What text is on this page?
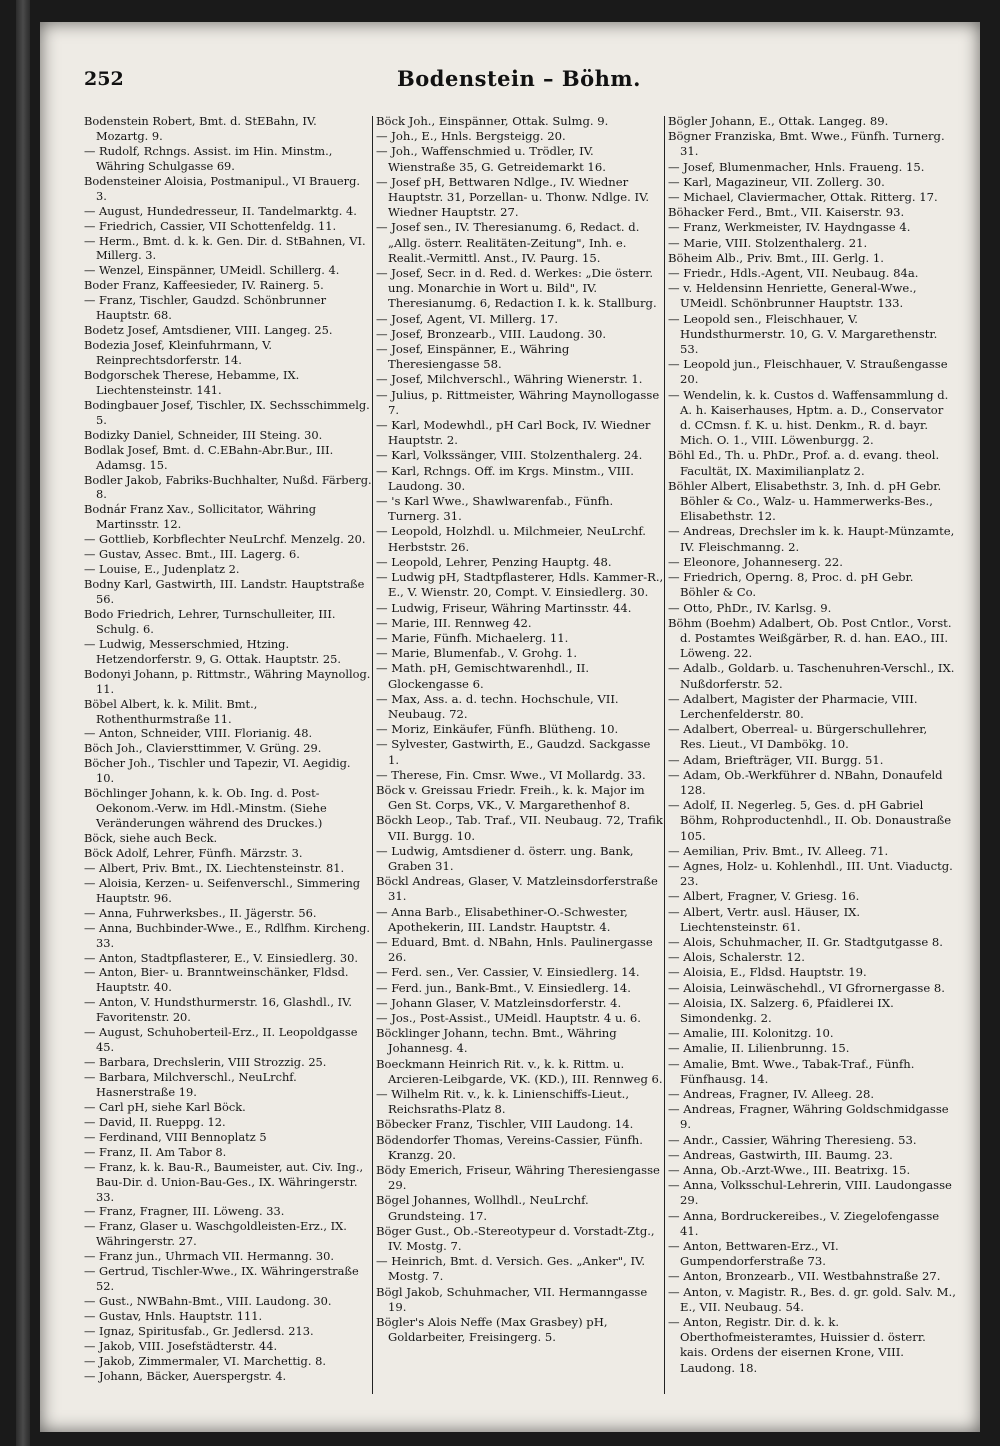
252	Bodenstein – Böhm.

Bodenstein Robert, Bmt. d. StEBahn, IV. Mozartg. 9.

— Rudolf, Rchngs. Assist. im Hin. Minstm., Währing Schulgasse 69.

Bodensteiner Aloisia, Postmanipul., VI Brauerg. 3.

— August, Hundedresseur, II. Tandelmarktg. 4.

— Friedrich, Cassier, VII Schottenfeldg. 11.

— Herm., Bmt. d. k. k. Gen. Dir. d. StBahnen, VI. Millerg. 3.

— Wenzel, Einspänner, UMeidl. Schillerg. 4.

Boder Franz, Kaffeesieder, IV. Rainerg. 5.

— Franz, Tischler, Gaudzd. Schönbrunner Hauptstr. 68.

Bodetz Josef, Amtsdiener, VIII. Langeg. 25.

Bodezia Josef, Kleinfuhrmann, V. Reinprechtsdorferstr. 14.

Bodgorschek Therese, Hebamme, IX. Liechtensteinstr. 141.

Bodingbauer Josef, Tischler, IX. Sechsschimmelg. 5.

Bodizky Daniel, Schneider, III Steing. 30.

Bodlak Josef, Bmt. d. C.EBahn-Abr.Bur., III. Adamsg. 15.

Bodler Jakob, Fabriks-Buchhalter, Nußd. Färberg. 8.

Bodnár Franz Xav., Sollicitator, Währing Martinsstr. 12.

— Gottlieb, Korbflechter NeuLrchf. Menzelg. 20.

— Gustav, Assec. Bmt., III. Lagerg. 6.

— Louise, E., Judenplatz 2.

Bodny Karl, Gastwirth, III. Landstr. Hauptstraße 56.

Bodo Friedrich, Lehrer, Turnschulleiter, III. Schulg. 6.

— Ludwig, Messerschmied, Htzing. Hetzendorferstr. 9, G. Ottak. Hauptstr. 25.

Bodonyi Johann, p. Rittmstr., Währing Maynollog. 11.

Böbel Albert, k. k. Milit. Bmt., Rothenthurmstraße 11.

— Anton, Schneider, VIII. Florianig. 48.

Böch Joh., Claviersttimmer, V. Grüng. 29.

Böcher Joh., Tischler und Tapezir, VI. Aegidig. 10.

Böchlinger Johann, k. k. Ob. Ing. d. Post-Oekonom.-Verw. im Hdl.-Minstm. (Siehe Veränderungen während des Druckes.)

Böck, siehe auch Beck.

Böck Adolf, Lehrer, Fünfh. Märzstr. 3.

— Albert, Priv. Bmt., IX. Liechtensteinstr. 81.

— Aloisia, Kerzen- u. Seifenverschl., Simmering Hauptstr. 96.

— Anna, Fuhrwerksbes., II. Jägerstr. 56.

— Anna, Buchbinder-Wwe., E., Rdlfhm. Kircheng. 33.

— Anton, Stadtpflasterer, E., V. Einsiedlerg. 30.

— Anton, Bier- u. Branntweinschänker, Fldsd. Hauptstr. 40.

— Anton, V. Hundsthurmerstr. 16, Glashdl., IV. Favoritenstr. 20.

— August, Schuhoberteil-Erz., II. Leopoldgasse 45.

— Barbara, Drechslerin, VIII Strozzig. 25.

— Barbara, Milchverschl., NeuLrchf. Hasnerstraße 19.

— Carl pH, siehe Karl Böck.

— David, II. Rueppg. 12.

— Ferdinand, VIII Bennoplatz 5

— Franz, II. Am Tabor 8.

— Franz, k. k. Bau-R., Baumeister, aut. Civ. Ing., Bau-Dir. d. Union-Bau-Ges., IX. Währingerstr. 33.

— Franz, Fragner, III. Löweng. 33.

— Franz, Glaser u. Waschgoldleisten-Erz., IX. Währingerstr. 27.

— Franz jun., Uhrmach VII. Hermanng. 30.

— Gertrud, Tischler-Wwe., IX. Währingerstraße 52.

— Gust., NWBahn-Bmt., VIII. Laudong. 30.

— Gustav, Hnls. Hauptstr. 111.

— Ignaz, Spiritusfab., Gr. Jedlersd. 213.

— Jakob, VIII. Josefstädterstr. 44.

— Jakob, Zimmermaler, VI. Marchettig. 8.

— Johann, Bäcker, Auerspergstr. 4.

Böck Joh., Einspänner, Ottak. Sulmg. 9.

— Joh., E., Hnls. Bergsteigg. 20.

— Joh., Waffenschmied u. Trödler, IV. Wienstraße 35, G. Getreidemarkt 16.

— Josef pH, Bettwaren Ndlge., IV. Wiedner Hauptstr. 31, Porzellan- u. Thonw. Ndlge. IV. Wiedner Hauptstr. 27.

— Josef sen., IV. Theresianumg. 6, Redact. d. „Allg. österr. Realitäten-Zeitung", Inh. e. Realit.-Vermittl. Anst., IV. Paurg. 15.

— Josef, Secr. in d. Red. d. Werkes: „Die österr. ung. Monarchie in Wort u. Bild", IV. Theresianumg. 6, Redaction I. k. k. Stallburg.

— Josef, Agent, VI. Millerg. 17.

— Josef, Bronzearb., VIII. Laudong. 30.

— Josef, Einspänner, E., Währing Theresiengasse 58.

— Josef, Milchverschl., Währing Wienerstr. 1.

— Julius, p. Rittmeister, Währing Maynollogasse 7.

— Karl, Modewhdl., pH Carl Bock, IV. Wiedner Hauptstr. 2.

— Karl, Volkssänger, VIII. Stolzenthalerg. 24.

— Karl, Rchngs. Off. im Krgs. Minstm., VIII. Laudong. 30.

— 's Karl Wwe., Shawlwarenfab., Fünfh. Turnerg. 31.

— Leopold, Holzhdl. u. Milchmeier, NeuLrchf. Herbststr. 26.

— Leopold, Lehrer, Penzing Hauptg. 48.

— Ludwig pH, Stadtpflasterer, Hdls. Kammer-R., E., V. Wienstr. 20, Compt. V. Einsiedlerg. 30.

— Ludwig, Friseur, Währing Martinsstr. 44.

— Marie, III. Rennweg 42.

— Marie, Fünfh. Michaelerg. 11.

— Marie, Blumenfab., V. Grohg. 1.

— Math. pH, Gemischtwarenhdl., II. Glockengasse 6.

— Max, Ass. a. d. techn. Hochschule, VII. Neubaug. 72.

— Moriz, Einkäufer, Fünfh. Blütheng. 10.

— Sylvester, Gastwirth, E., Gaudzd. Sackgasse 1.

— Therese, Fin. Cmsr. Wwe., VI Mollardg. 33.

Böck v. Greissau Friedr. Freih., k. k. Major im Gen St. Corps, VK., V. Margarethenhof 8.

Böckh Leop., Tab. Traf., VII. Neubaug. 72, Trafik VII. Burgg. 10.

— Ludwig, Amtsdiener d. österr. ung. Bank, Graben 31.

Böckl Andreas, Glaser, V. Matzleinsdorferstraße 31.

— Anna Barb., Elisabethiner-O.-Schwester, Apothekerin, III. Landstr. Hauptstr. 4.

— Eduard, Bmt. d. NBahn, Hnls. Paulinergasse 26.

— Ferd. sen., Ver. Cassier, V. Einsiedlerg. 14.

— Ferd. jun., Bank-Bmt., V. Einsiedlerg. 14.

— Johann Glaser, V. Matzleinsdorferstr. 4.

— Jos., Post-Assist., UMeidl. Hauptstr. 4 u. 6.

Böcklinger Johann, techn. Bmt., Währing Johannesg. 4.

Boeckmann Heinrich Rit. v., k. k. Rittm. u. Arcieren-Leibgarde, VK. (KD.), III. Rennweg 6.

— Wilhelm Rit. v., k. k. Linienschiffs-Lieut., Reichsraths-Platz 8.

Böbecker Franz, Tischler, VIII Laudong. 14.

Bödendorfer Thomas, Vereins-Cassier, Fünfh. Kranzg. 20.

Bödy Emerich, Friseur, Währing Theresiengasse 29.

Bögel Johannes, Wollhdl., NeuLrchf. Grundsteing. 17.

Böger Gust., Ob.-Stereotypeur d. Vorstadt-Ztg., IV. Mostg. 7.

— Heinrich, Bmt. d. Versich. Ges. „Anker", IV. Mostg. 7.

Bögl Jakob, Schuhmacher, VII. Hermanngasse 19.

Bögler's Alois Neffe (Max Grasbey) pH, Goldarbeiter, Freisingerg. 5.

Bögler Johann, E., Ottak. Langeg. 89.

Bögner Franziska, Bmt. Wwe., Fünfh. Turnerg. 31.

— Josef, Blumenmacher, Hnls. Fraueng. 15.

— Karl, Magazineur, VII. Zollerg. 30.

— Michael, Claviermacher, Ottak. Ritterg. 17.

Böhacker Ferd., Bmt., VII. Kaiserstr. 93.

— Franz, Werkmeister, IV. Haydngasse 4.

— Marie, VIII. Stolzenthalerg. 21.

Böheim Alb., Priv. Bmt., III. Gerlg. 1.

— Friedr., Hdls.-Agent, VII. Neubaug. 84a.

— v. Heldensinn Henriette, General-Wwe., UMeidl. Schönbrunner Hauptstr. 133.

— Leopold sen., Fleischhauer, V. Hundsthurmerstr. 10, G. V. Margarethenstr. 53.

— Leopold jun., Fleischhauer, V. Straußengasse 20.

— Wendelin, k. k. Custos d. Waffensammlung d. A. h. Kaiserhauses, Hptm. a. D., Conservator d. CCmsn. f. K. u. hist. Denkm., R. d. bayr. Mich. O. 1., VIII. Löwenburgg. 2.

Böhl Ed., Th. u. PhDr., Prof. a. d. evang. theol. Facultät, IX. Maximilianplatz 2.

Böhler Albert, Elisabethstr. 3, Inh. d. pH Gebr. Böhler & Co., Walz- u. Hammerwerks-Bes., Elisabethstr. 12.

— Andreas, Drechsler im k. k. Haupt-Münzamte, IV. Fleischmanng. 2.

— Eleonore, Johanneserg. 22.

— Friedrich, Operng. 8, Proc. d. pH Gebr. Böhler & Co.

— Otto, PhDr., IV. Karlsg. 9.

Böhm (Boehm) Adalbert, Ob. Post Cntlor., Vorst. d. Postamtes Weißgärber, R. d. han. EAO., III. Löweng. 22.

— Adalb., Goldarb. u. Taschenuhren-Verschl., IX. Nußdorferstr. 52.

— Adalbert, Magister der Pharmacie, VIII. Lerchenfelderstr. 80.

— Adalbert, Oberreal- u. Bürgerschullehrer, Res. Lieut., VI Dambökg. 10.

— Adam, Briefträger, VII. Burgg. 51.

— Adam, Ob.-Werkführer d. NBahn, Donaufeld 128.

— Adolf, II. Negerleg. 5, Ges. d. pH Gabriel Böhm, Rohproductenhdl., II. Ob. Donaustraße 105.

— Aemilian, Priv. Bmt., IV. Alleeg. 71.

— Agnes, Holz- u. Kohlenhdl., III. Unt. Viaductg. 23.

— Albert, Fragner, V. Griesg. 16.

— Albert, Vertr. ausl. Häuser, IX. Liechtensteinstr. 61.

— Alois, Schuhmacher, II. Gr. Stadtgutgasse 8.

— Alois, Schalerstr. 12.

— Aloisia, E., Fldsd. Hauptstr. 19.

— Aloisia, Leinwäschehdl., VI Gfrornergasse 8.

— Aloisia, IX. Salzerg. 6, Pfaidlerei IX. Simondenkg. 2.

— Amalie, III. Kolonitzg. 10.

— Amalie, II. Lilienbrunng. 15.

— Amalie, Bmt. Wwe., Tabak-Traf., Fünfh. Fünfhausg. 14.

— Andreas, Fragner, IV. Alleeg. 28.

— Andreas, Fragner, Währing Goldschmidgasse 9.

— Andr., Cassier, Währing Theresieng. 53.

— Andreas, Gastwirth, III. Baumg. 23.

— Anna, Ob.-Arzt-Wwe., III. Beatrixg. 15.

— Anna, Volksschul-Lehrerin, VIII. Laudongasse 29.

— Anna, Bordruckereibes., V. Ziegelofengasse 41.

— Anton, Bettwaren-Erz., VI. Gumpendorferstraße 73.

— Anton, Bronzearb., VII. Westbahnstraße 27.

— Anton, v. Magistr. R., Bes. d. gr. gold. Salv. M., E., VII. Neubaug. 54.

— Anton, Registr. Dir. d. k. k. Oberthofmeisteramtes, Huissier d. österr. kais. Ordens der eisernen Krone, VIII. Laudong. 18.
